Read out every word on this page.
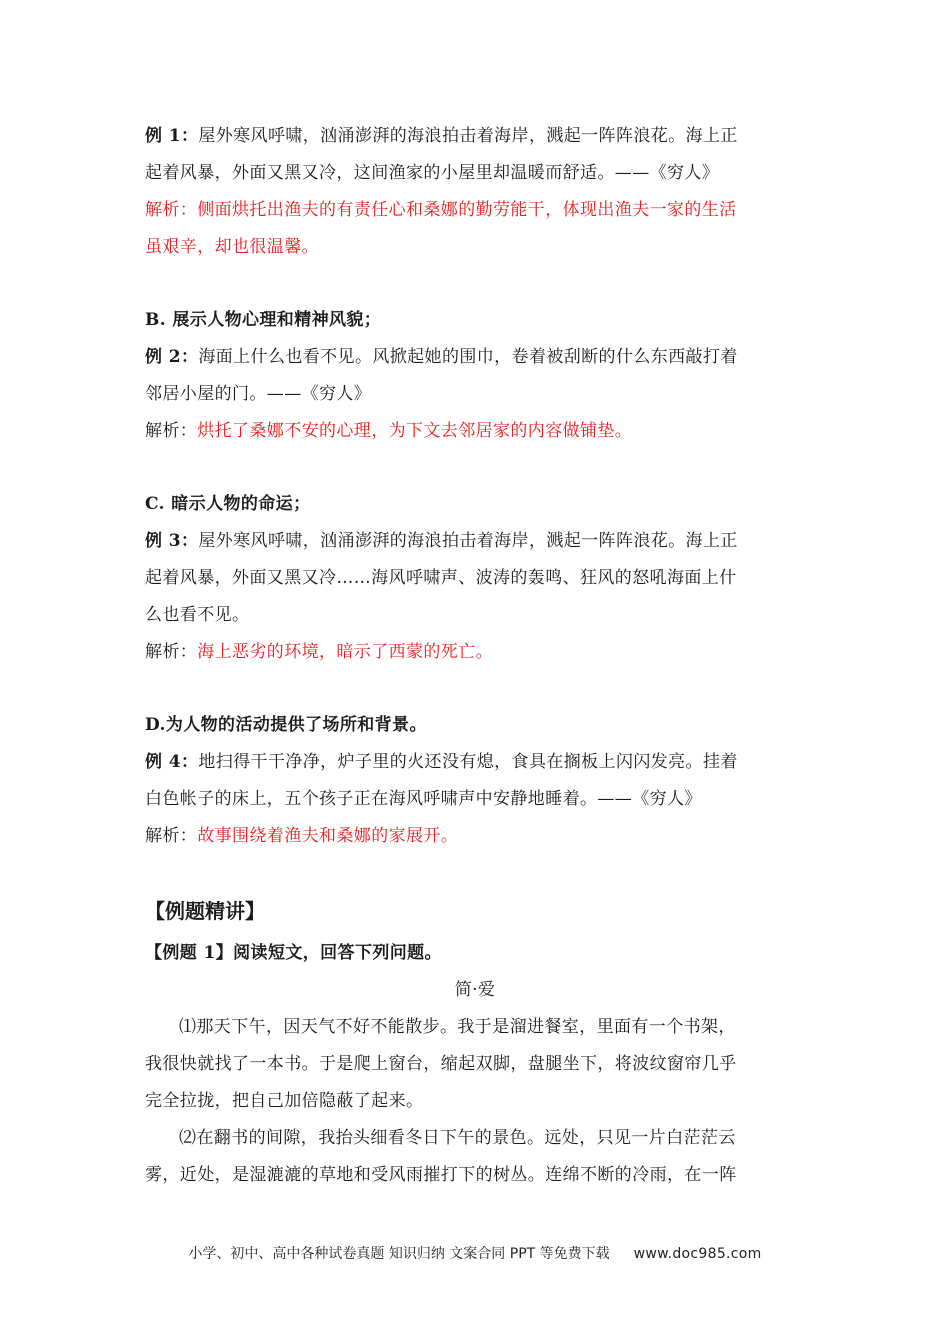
例 1：屋外寒风呼啸，汹涌澎湃的海浪拍击着海岸，溅起一阵阵浪花。海上正
起着风暴，外面又黑又冷，这间渔家的小屋里却温暖而舒适。——《穷人》
解析：侧面烘托出渔夫的有责任心和桑娜的勤劳能干，体现出渔夫一家的生活
虽艰辛，却也很温馨。
B. 展示人物心理和精神风貌；
例 2：海面上什么也看不见。风掀起她的围巾，卷着被刮断的什么东西敲打着
邻居小屋的门。——《穷人》
解析：烘托了桑娜不安的心理，为下文去邻居家的内容做铺垫。
C. 暗示人物的命运；
例 3：屋外寒风呼啸，汹涌澎湃的海浪拍击着海岸，溅起一阵阵浪花。海上正
起着风暴，外面又黑又冷……海风呼啸声、波涛的轰鸣、狂风的怒吼海面上什
么也看不见。
解析：海上恶劣的环境，暗示了西蒙的死亡。
D.为人物的活动提供了场所和背景。
例 4：地扫得干干净净，炉子里的火还没有熄，食具在搁板上闪闪发亮。挂着
白色帐子的床上，五个孩子正在海风呼啸声中安静地睡着。——《穷人》
解析：故事围绕着渔夫和桑娜的家展开。
【例题精讲】
【例题 1】阅读短文，回答下列问题。
简·爱
⑴那天下午，因天气不好不能散步。我于是溜进餐室，里面有一个书架，
我很快就找了一本书。于是爬上窗台，缩起双脚，盘腿坐下，将波纹窗帘几乎
完全拉拢，把自己加倍隐蔽了起来。
⑵在翻书的间隙，我抬头细看冬日下午的景色。远处，只见一片白茫茫云
雾，近处，是湿漉漉的草地和受风雨摧打下的树丛。连绵不断的冷雨，在一阵
小学、初中、高中各种试卷真题 知识归纳 文案合同 PPT 等免费下载 www.doc985.com
